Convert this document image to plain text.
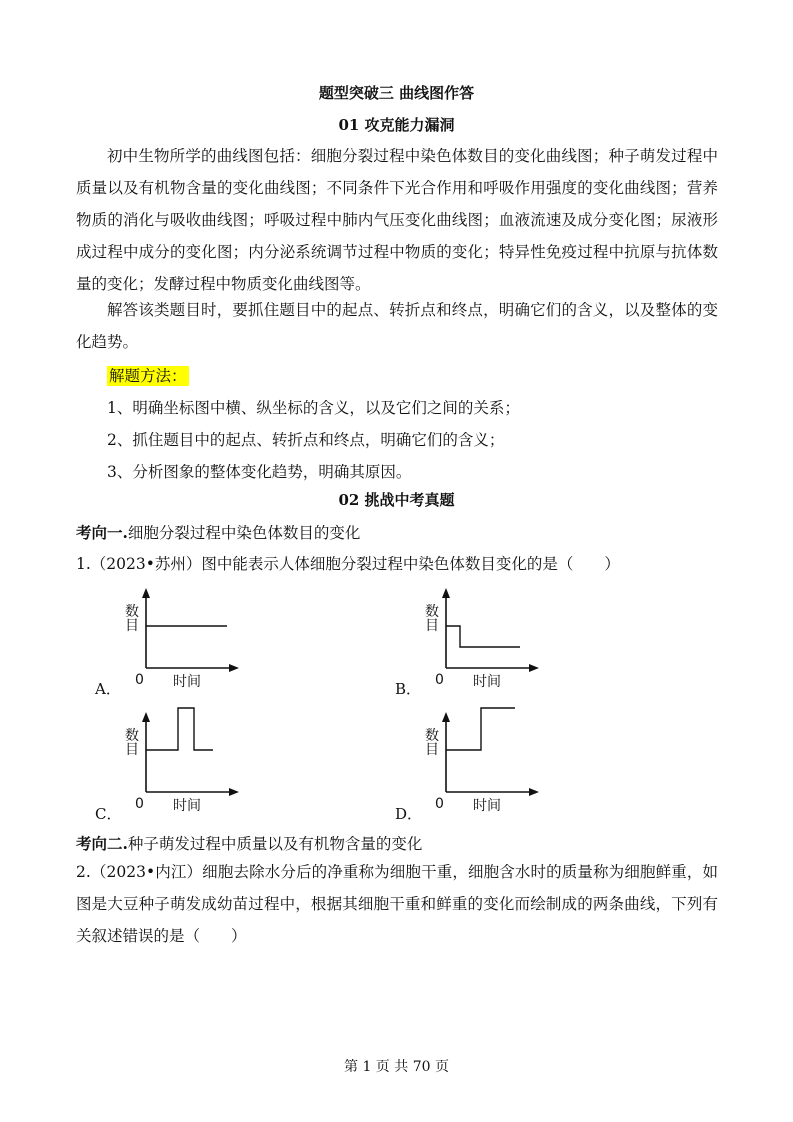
题型突破三 曲线图作答
01 攻克能力漏洞
初中生物所学的曲线图包括：细胞分裂过程中染色体数目的变化曲线图；种子萌发过程中质量以及有机物含量的变化曲线图；不同条件下光合作用和呼吸作用强度的变化曲线图；营养物质的消化与吸收曲线图；呼吸过程中肺内气压变化曲线图；血液流速及成分变化图；尿液形成过程中成分的变化图；内分泌系统调节过程中物质的变化；特异性免疫过程中抗原与抗体数量的变化；发酵过程中物质变化曲线图等。
解答该类题目时，要抓住题目中的起点、转折点和终点，明确它们的含义，以及整体的变化趋势。
解题方法：
1、明确坐标图中横、纵坐标的含义，以及它们之间的关系；
2、抓住题目中的起点、转折点和终点，明确它们的含义；
3、分析图象的整体变化趋势，明确其原因。
02 挑战中考真题
考向一.细胞分裂过程中染色体数目的变化
1.（2023•苏州）图中能表示人体细胞分裂过程中染色体数目变化的是（　　）
A．
数
目
0 时间	B．
数
目
0 时间
C．
数
目
0 时间	D．
数
目
0 时间
考向二.种子萌发过程中质量以及有机物含量的变化
2.（2023•内江）细胞去除水分后的净重称为细胞干重，细胞含水时的质量称为细胞鲜重，如图是大豆种子萌发成幼苗过程中，根据其细胞干重和鲜重的变化而绘制成的两条曲线，下列有关叙述错误的是（　　）
第 1 页 共 70 页
